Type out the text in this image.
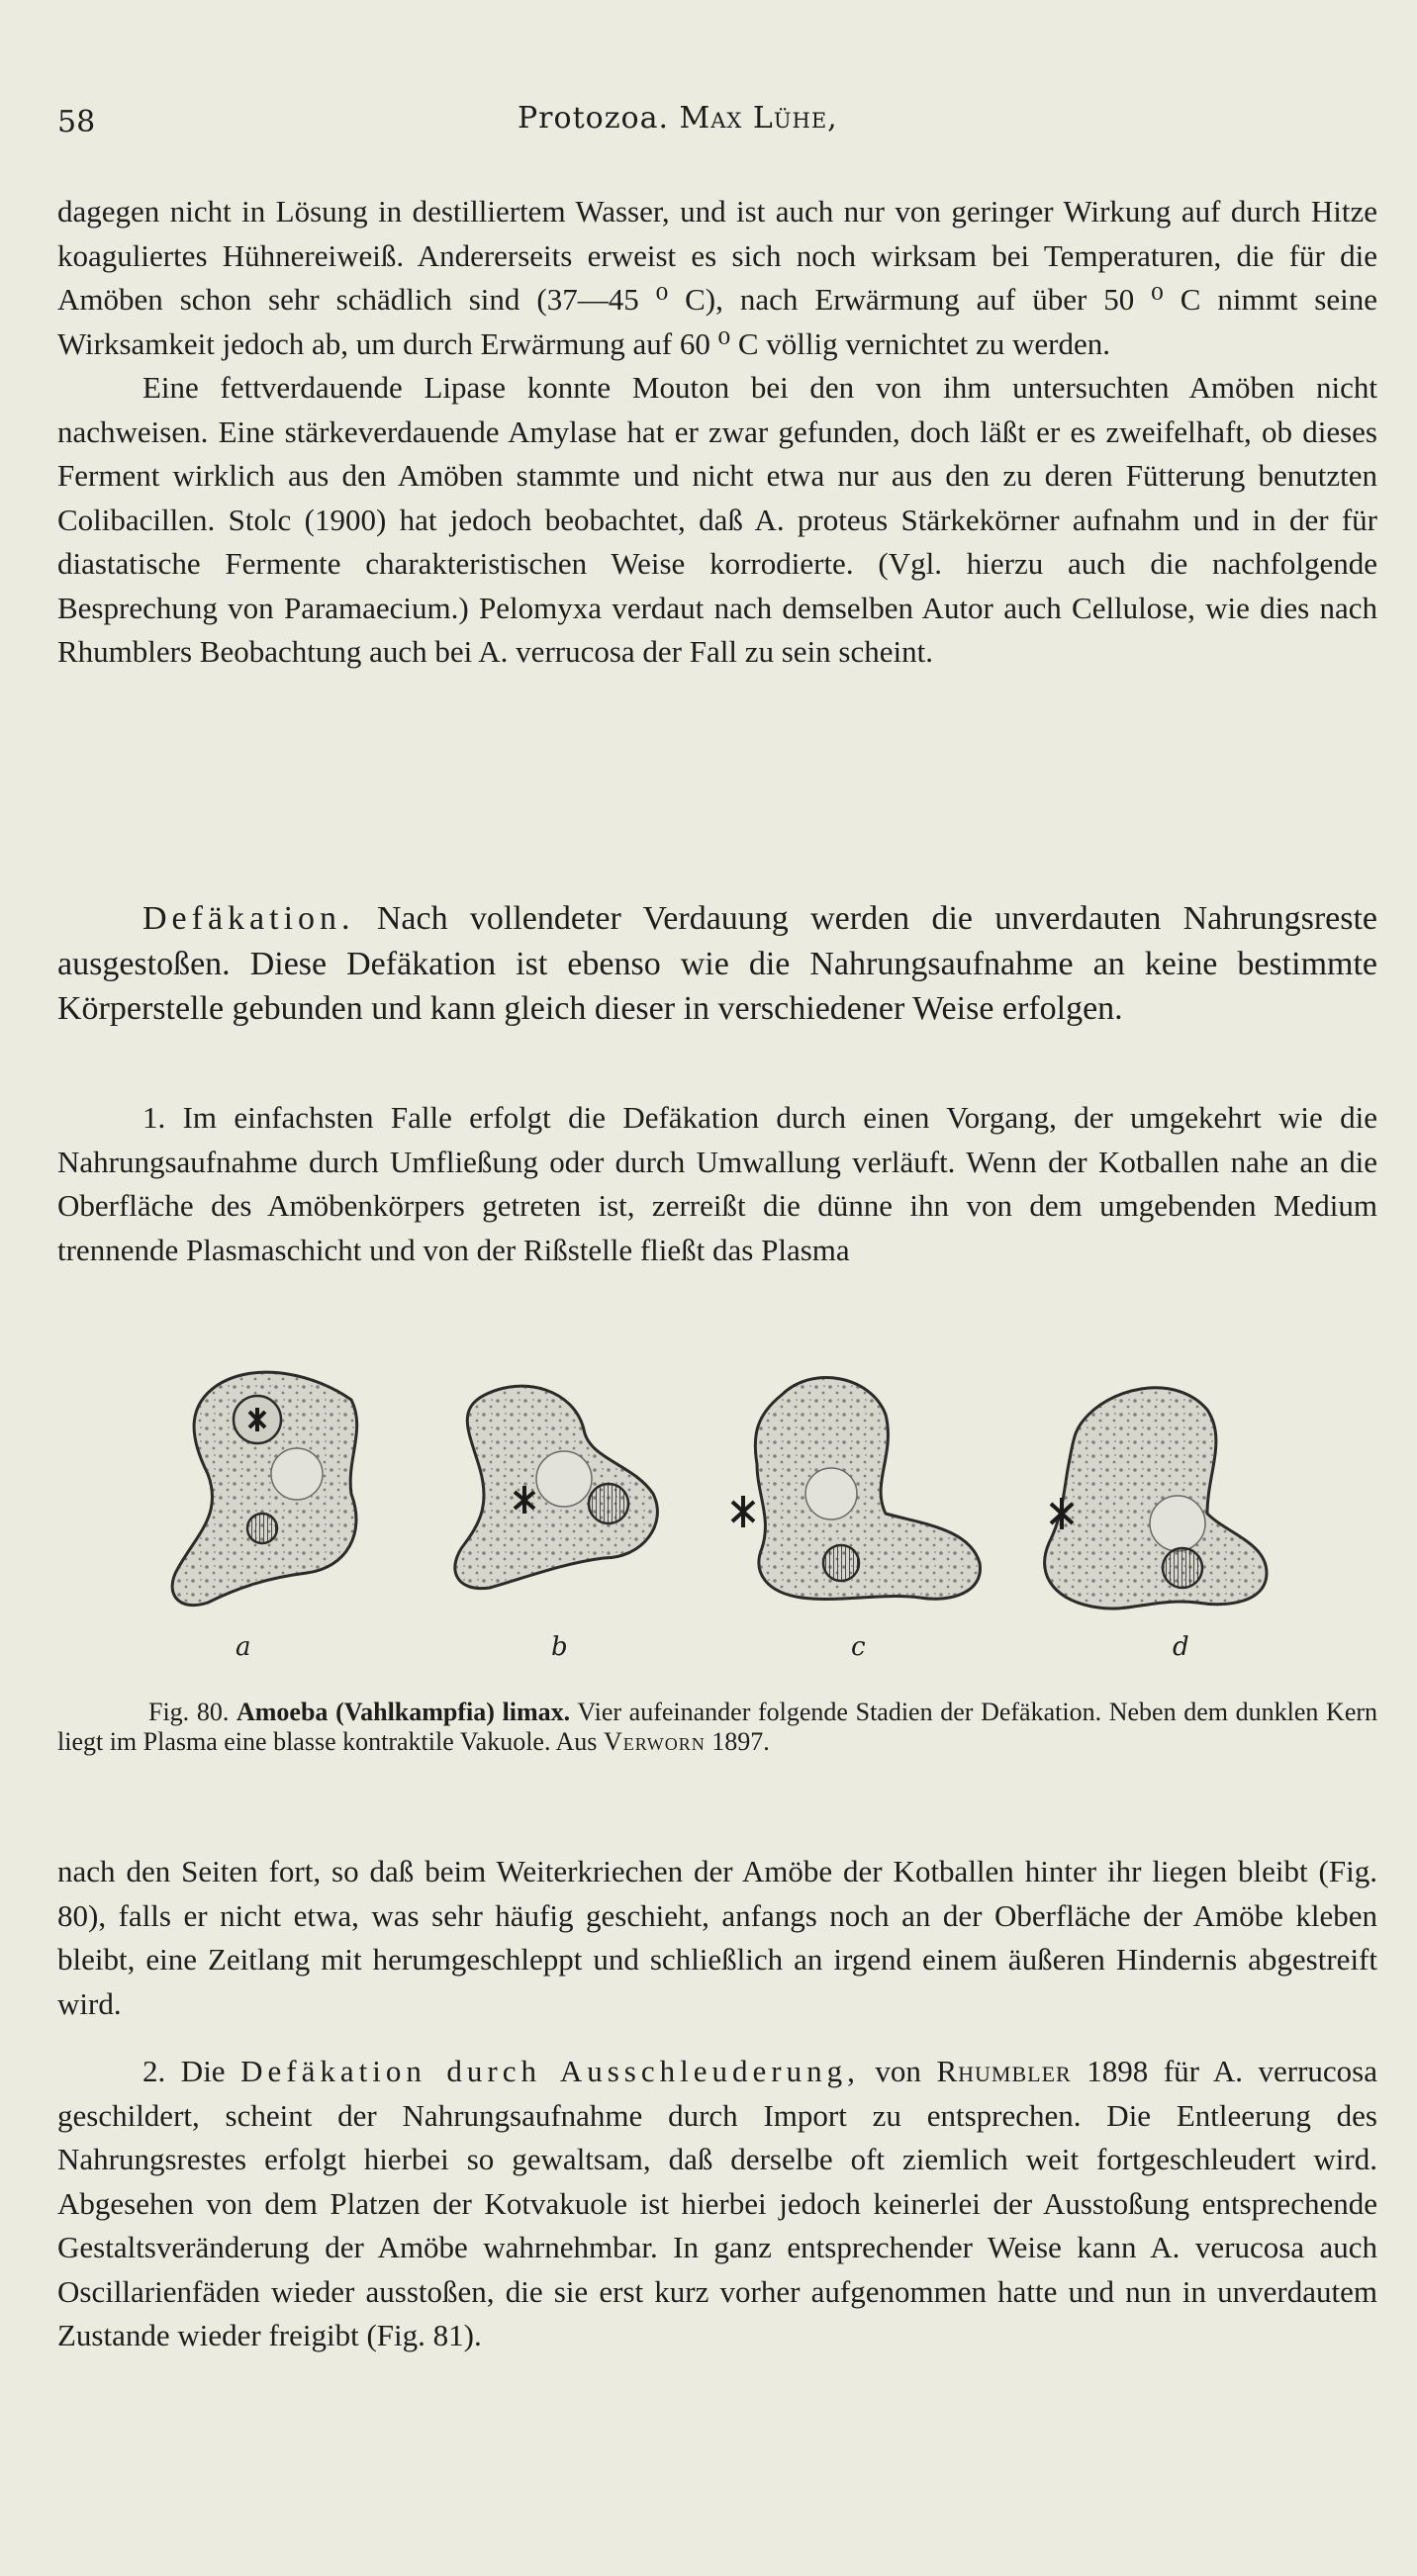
58	Protozoa. Max Lühe,

dagegen nicht in Lösung in destilliertem Wasser, und ist auch nur von geringer Wirkung auf durch Hitze koaguliertes Hühnereiweiß. Andererseits erweist es sich noch wirksam bei Temperaturen, die für die Amöben schon sehr schädlich sind (37—45 ⁰ C), nach Erwärmung auf über 50 ⁰ C nimmt seine Wirksamkeit jedoch ab, um durch Erwärmung auf 60 ⁰ C völlig vernichtet zu werden.

Eine fettverdauende Lipase konnte Mouton bei den von ihm untersuchten Amöben nicht nachweisen. Eine stärkeverdauende Amylase hat er zwar gefunden, doch läßt er es zweifelhaft, ob dieses Ferment wirklich aus den Amöben stammte und nicht etwa nur aus den zu deren Fütterung benutzten Colibacillen. Stolc (1900) hat jedoch beobachtet, daß A. proteus Stärkekörner aufnahm und in der für diastatische Fermente charakteristischen Weise korrodierte. (Vgl. hierzu auch die nachfolgende Besprechung von Paramaecium.) Pelomyxa verdaut nach demselben Autor auch Cellulose, wie dies nach Rhumblers Beobachtung auch bei A. verrucosa der Fall zu sein scheint.

Defäkation. Nach vollendeter Verdauung werden die unverdauten Nahrungsreste ausgestoßen. Diese Defäkation ist ebenso wie die Nahrungsaufnahme an keine bestimmte Körperstelle gebunden und kann gleich dieser in verschiedener Weise erfolgen.

1. Im einfachsten Falle erfolgt die Defäkation durch einen Vorgang, der umgekehrt wie die Nahrungsaufnahme durch Umfließung oder durch Umwallung verläuft. Wenn der Kotballen nahe an die Oberfläche des Amöbenkörpers getreten ist, zerreißt die dünne ihn von dem umgebenden Medium trennende Plasmaschicht und von der Rißstelle fließt das Plasma

a	b	c	d

Fig. 80. Amoeba (Vahlkampfia) limax. Vier aufeinander folgende Stadien der Defäkation. Neben dem dunklen Kern liegt im Plasma eine blasse kontraktile Vakuole. Aus Verworn 1897.

nach den Seiten fort, so daß beim Weiterkriechen der Amöbe der Kotballen hinter ihr liegen bleibt (Fig. 80), falls er nicht etwa, was sehr häufig geschieht, anfangs noch an der Oberfläche der Amöbe kleben bleibt, eine Zeitlang mit herumgeschleppt und schließlich an irgend einem äußeren Hindernis abgestreift wird.

2. Die Defäkation durch Ausschleuderung, von Rhumbler 1898 für A. verrucosa geschildert, scheint der Nahrungsaufnahme durch Import zu entsprechen. Die Entleerung des Nahrungsrestes erfolgt hierbei so gewaltsam, daß derselbe oft ziemlich weit fortgeschleudert wird. Abgesehen von dem Platzen der Kotvakuole ist hierbei jedoch keinerlei der Ausstoßung entsprechende Gestaltsveränderung der Amöbe wahrnehmbar. In ganz entsprechender Weise kann A. verucosa auch Oscillarienfäden wieder ausstoßen, die sie erst kurz vorher aufgenommen hatte und nun in unverdautem Zustande wieder freigibt (Fig. 81).
